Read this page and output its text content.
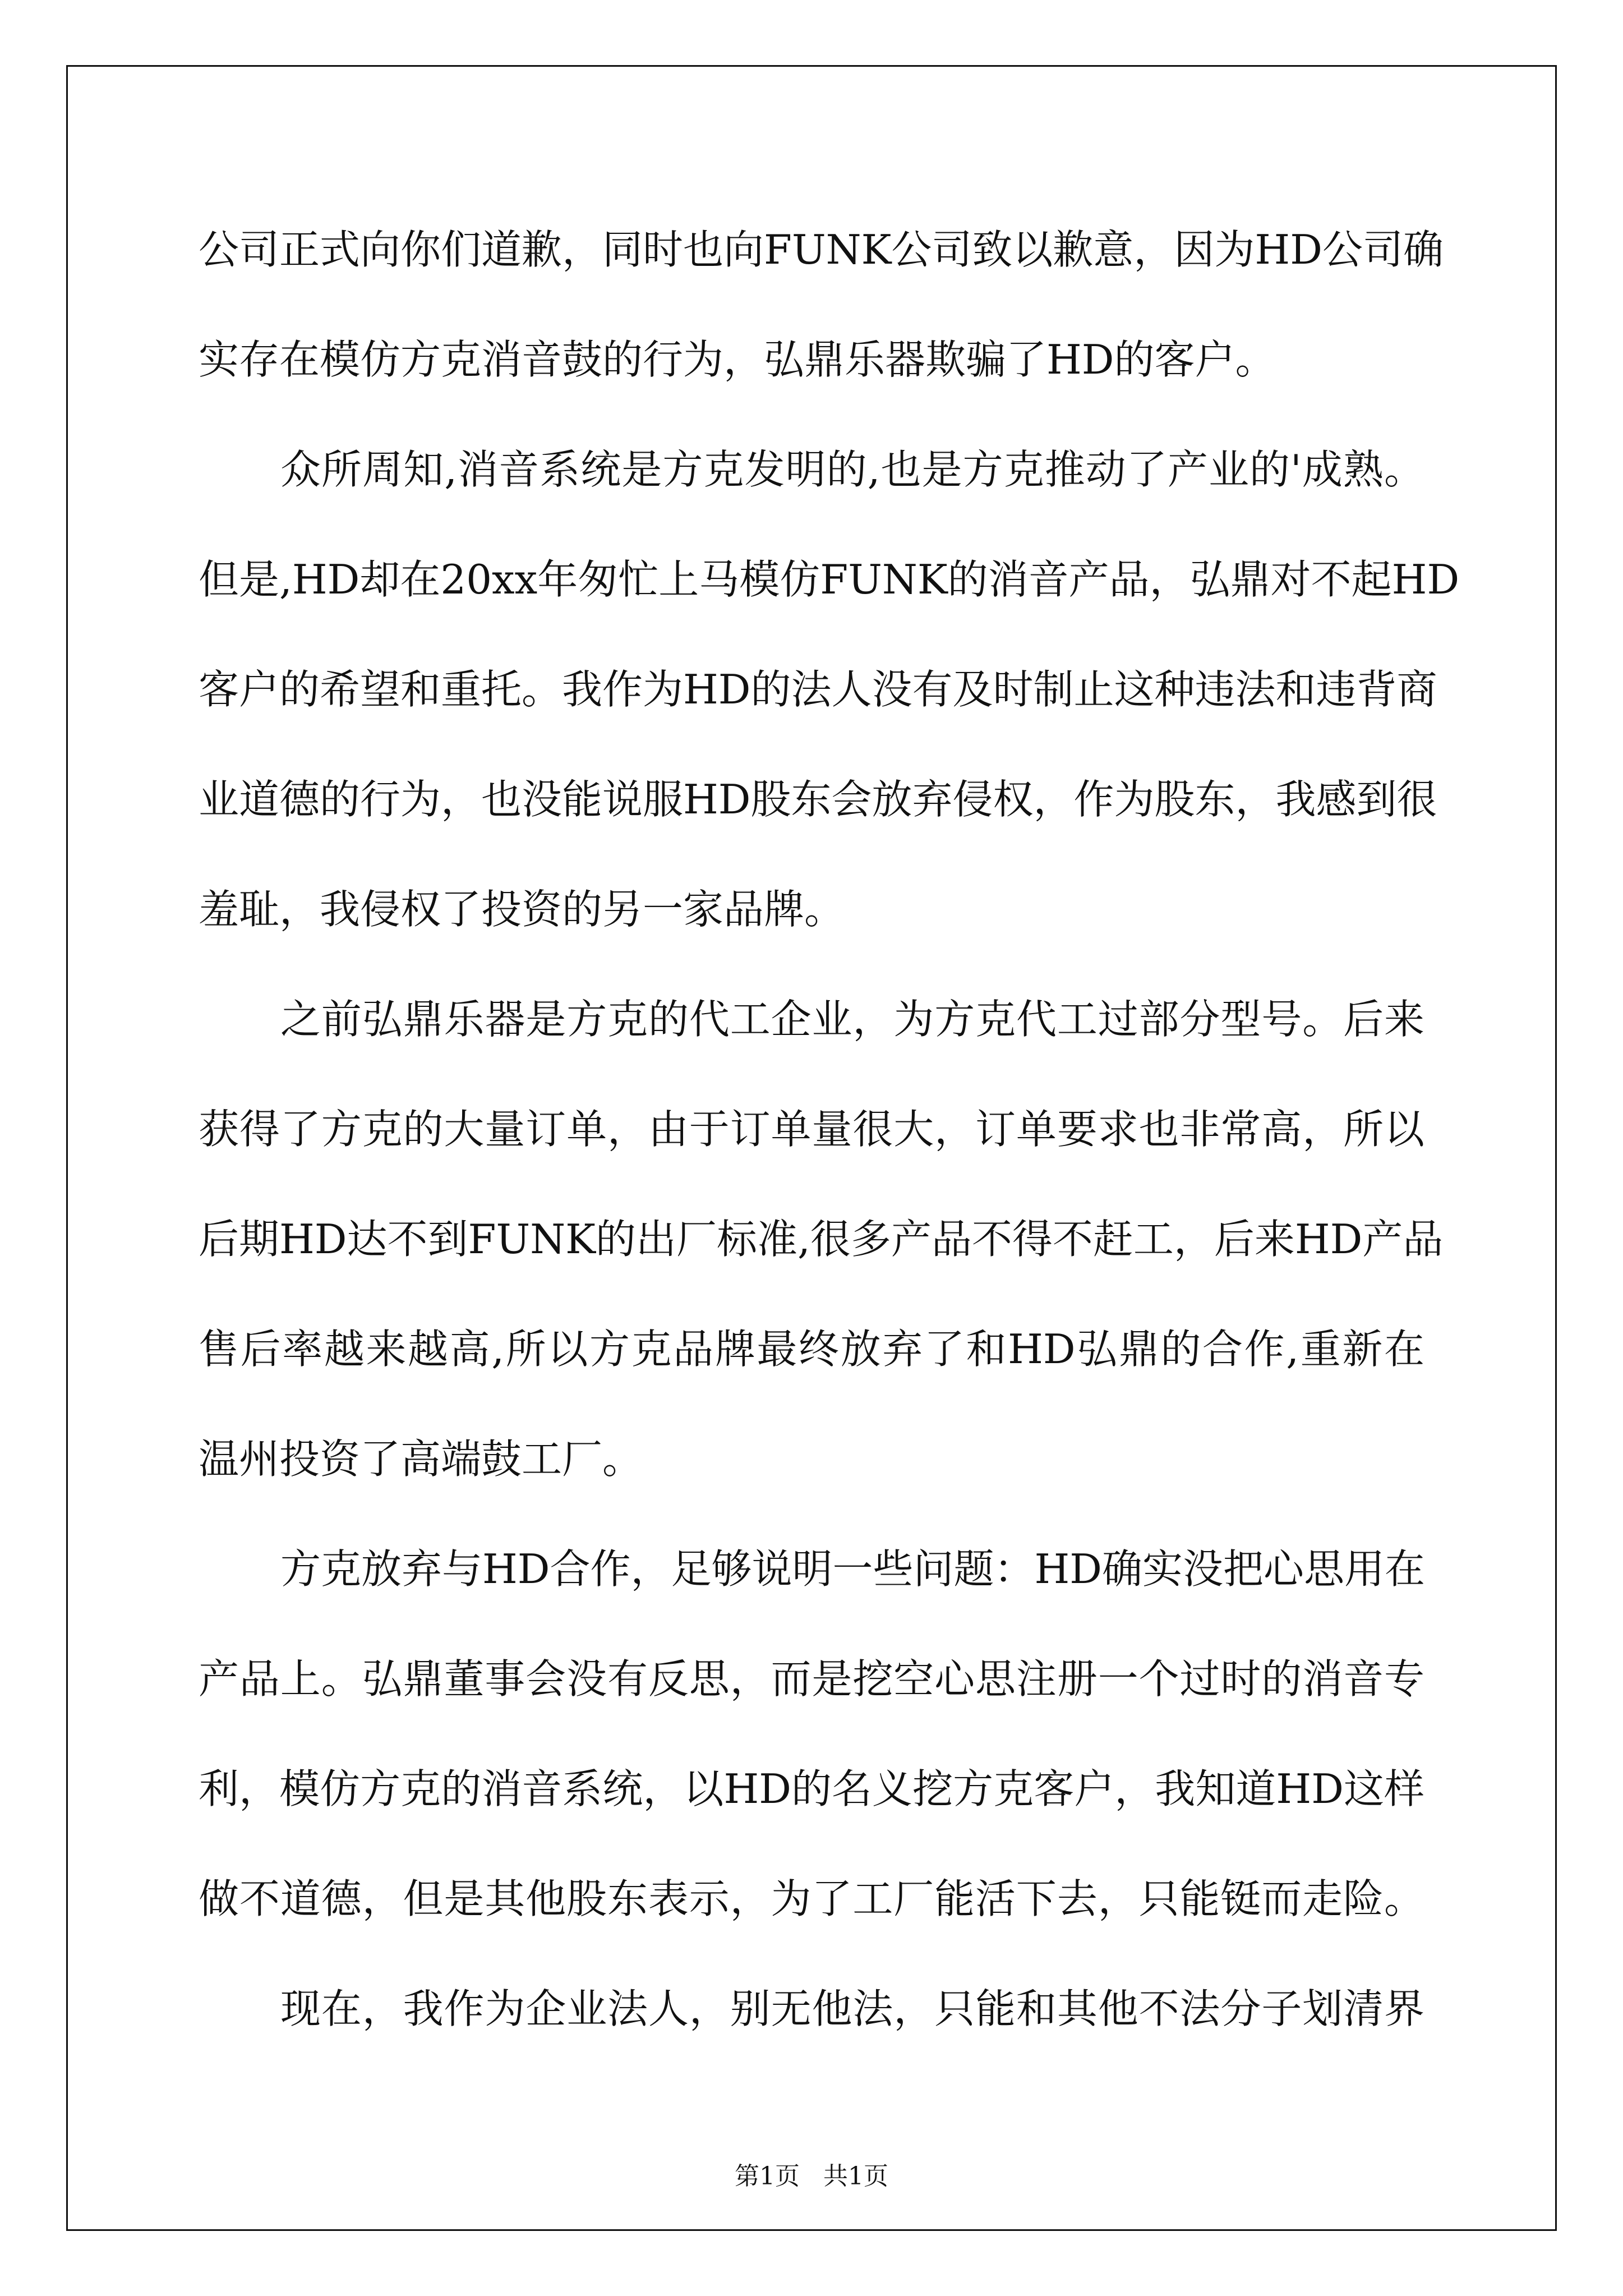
公司正式向你们道歉，同时也向FUNK公司致以歉意，因为HD公司确
实存在模仿方克消音鼓的行为，弘鼎乐器欺骗了HD的客户。
众所周知,消音系统是方克发明的,也是方克推动了产业的'成熟。
但是,HD却在20xx年匆忙上马模仿FUNK的消音产品，弘鼎对不起HD
客户的希望和重托。我作为HD的法人没有及时制止这种违法和违背商
业道德的行为，也没能说服HD股东会放弃侵权，作为股东，我感到很
羞耻，我侵权了投资的另一家品牌。
之前弘鼎乐器是方克的代工企业，为方克代工过部分型号。后来
获得了方克的大量订单，由于订单量很大，订单要求也非常高，所以
后期HD达不到FUNK的出厂标准,很多产品不得不赶工，后来HD产品
售后率越来越高,所以方克品牌最终放弃了和HD弘鼎的合作,重新在
温州投资了高端鼓工厂。
方克放弃与HD合作，足够说明一些问题：HD确实没把心思用在
产品上。弘鼎董事会没有反思，而是挖空心思注册一个过时的消音专
利，模仿方克的消音系统，以HD的名义挖方克客户，我知道HD这样
做不道德，但是其他股东表示，为了工厂能活下去，只能铤而走险。
现在，我作为企业法人，别无他法，只能和其他不法分子划清界
第1页   共1页
